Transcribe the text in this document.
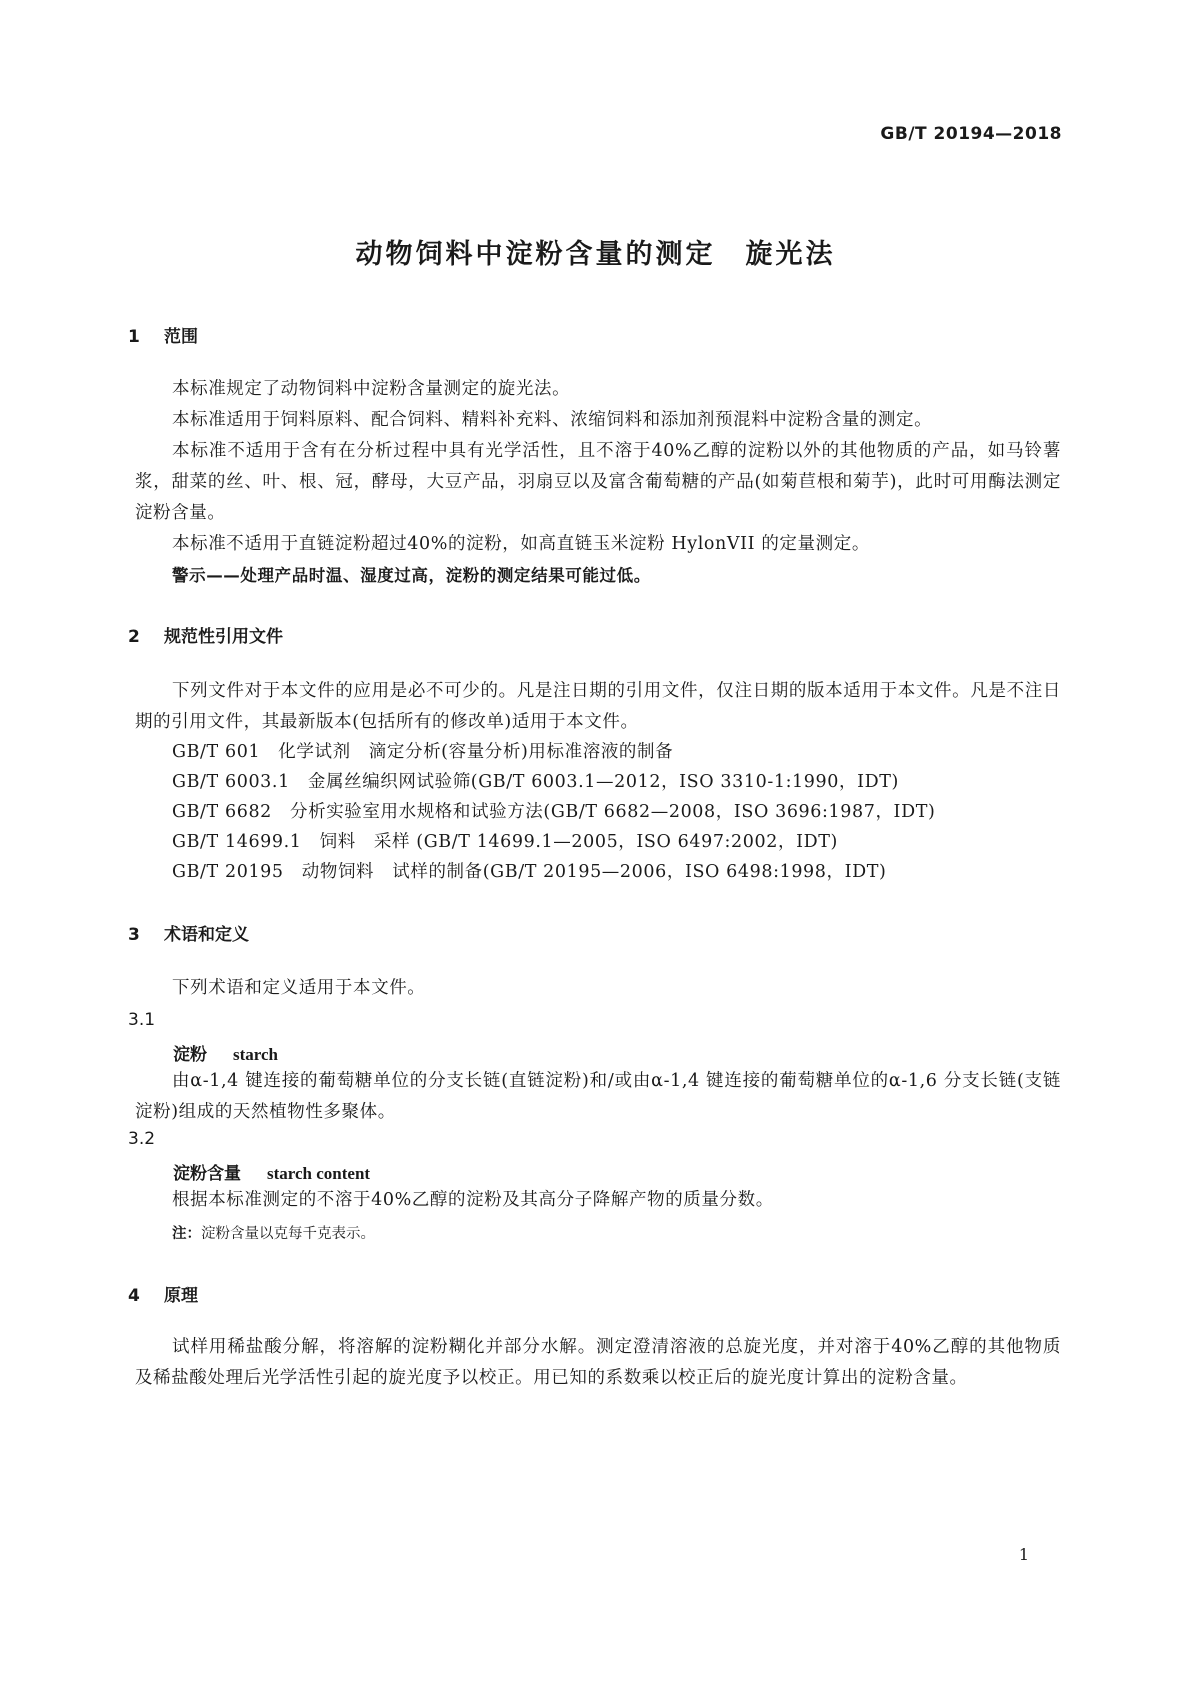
GB/T 20194—2018
动物饲料中淀粉含量的测定　旋光法
1 范围
本标准规定了动物饲料中淀粉含量测定的旋光法。
本标准适用于饲料原料、配合饲料、精料补充料、浓缩饲料和添加剂预混料中淀粉含量的测定。
本标准不适用于含有在分析过程中具有光学活性，且不溶于40%乙醇的淀粉以外的其他物质的产品，如马铃薯浆，甜菜的丝、叶、根、冠，酵母，大豆产品，羽扇豆以及富含葡萄糖的产品(如菊苣根和菊芋)，此时可用酶法测定淀粉含量。
本标准不适用于直链淀粉超过40%的淀粉，如高直链玉米淀粉 HylonVII 的定量测定。
警示——处理产品时温、湿度过高，淀粉的测定结果可能过低。
2 规范性引用文件
下列文件对于本文件的应用是必不可少的。凡是注日期的引用文件，仅注日期的版本适用于本文件。凡是不注日期的引用文件，其最新版本(包括所有的修改单)适用于本文件。
GB/T 601　化学试剂　滴定分析(容量分析)用标准溶液的制备
GB/T 6003.1　金属丝编织网试验筛(GB/T 6003.1—2012，ISO 3310-1:1990，IDT)
GB/T 6682　分析实验室用水规格和试验方法(GB/T 6682—2008，ISO 3696:1987，IDT)
GB/T 14699.1　饲料　采样 (GB/T 14699.1—2005，ISO 6497:2002，IDT)
GB/T 20195　动物饲料　试样的制备(GB/T 20195—2006，ISO 6498:1998，IDT)
3 术语和定义
下列术语和定义适用于本文件。
3.1
淀粉 starch
由α-1,4 键连接的葡萄糖单位的分支长链(直链淀粉)和/或由α-1,4 键连接的葡萄糖单位的α-1,6 分支长链(支链淀粉)组成的天然植物性多聚体。
3.2
淀粉含量 starch content
根据本标准测定的不溶于40%乙醇的淀粉及其高分子降解产物的质量分数。
注：淀粉含量以克每千克表示。
4 原理
试样用稀盐酸分解，将溶解的淀粉糊化并部分水解。测定澄清溶液的总旋光度，并对溶于40%乙醇的其他物质及稀盐酸处理后光学活性引起的旋光度予以校正。用已知的系数乘以校正后的旋光度计算出的淀粉含量。
1
